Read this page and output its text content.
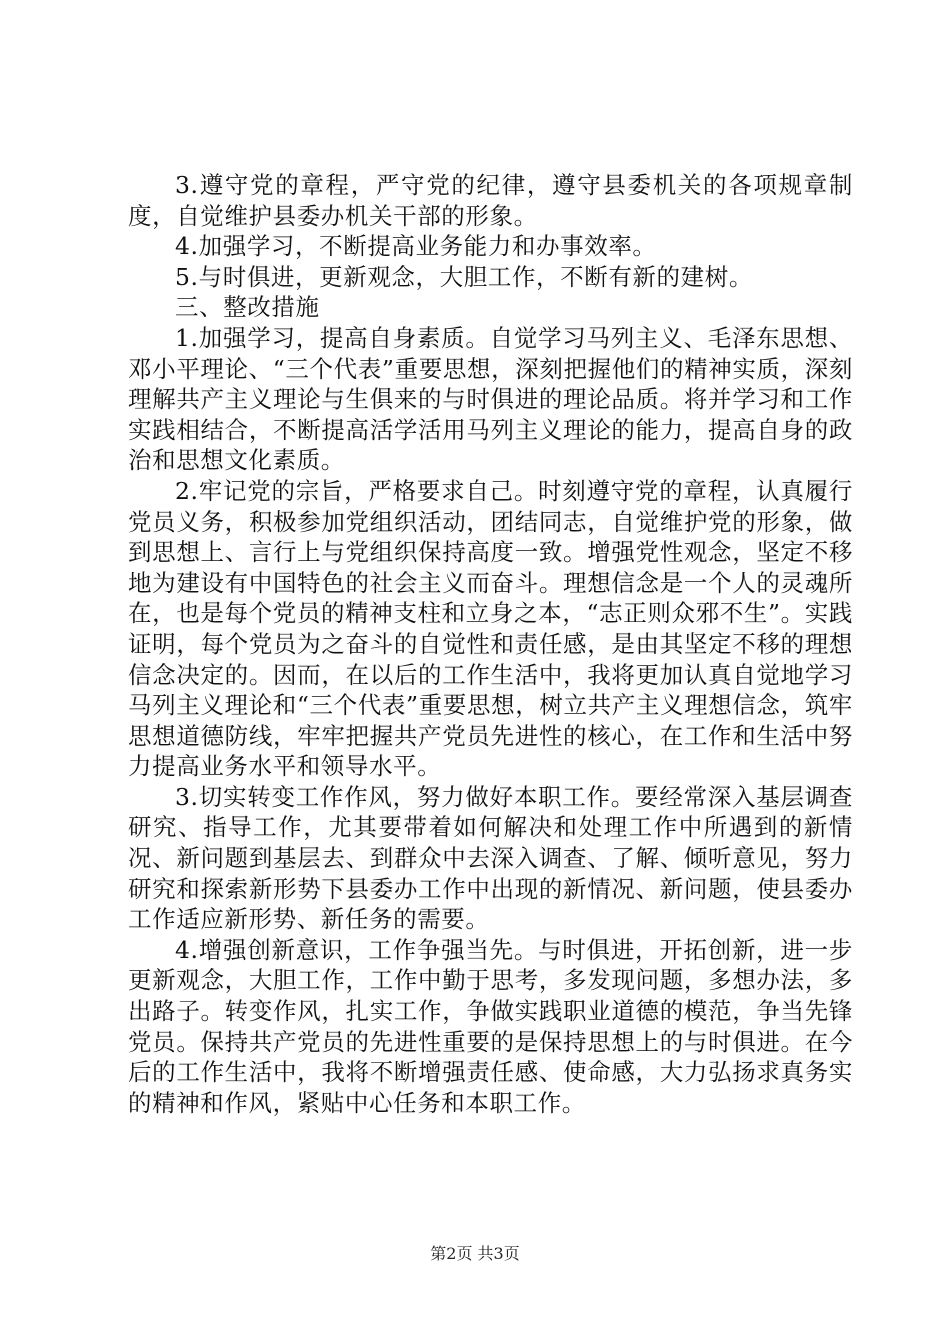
3.遵守党的章程，严守党的纪律，遵守县委机关的各项规章制度，自觉维护县委办机关干部的形象。

4.加强学习，不断提高业务能力和办事效率。

5.与时俱进，更新观念，大胆工作，不断有新的建树。

三、整改措施

1.加强学习，提高自身素质。自觉学习马列主义、毛泽东思想、邓小平理论、“三个代表”重要思想，深刻把握他们的精神实质，深刻理解共产主义理论与生俱来的与时俱进的理论品质。将并学习和工作实践相结合，不断提高活学活用马列主义理论的能力，提高自身的政治和思想文化素质。

2.牢记党的宗旨，严格要求自己。时刻遵守党的章程，认真履行党员义务，积极参加党组织活动，团结同志，自觉维护党的形象，做到思想上、言行上与党组织保持高度一致。增强党性观念，坚定不移地为建设有中国特色的社会主义而奋斗。理想信念是一个人的灵魂所在，也是每个党员的精神支柱和立身之本，“志正则众邪不生”。实践证明，每个党员为之奋斗的自觉性和责任感，是由其坚定不移的理想信念决定的。因而，在以后的工作生活中，我将更加认真自觉地学习马列主义理论和“三个代表”重要思想，树立共产主义理想信念，筑牢思想道德防线，牢牢把握共产党员先进性的核心，在工作和生活中努力提高业务水平和领导水平。

3.切实转变工作作风，努力做好本职工作。要经常深入基层调查研究、指导工作，尤其要带着如何解决和处理工作中所遇到的新情况、新问题到基层去、到群众中去深入调查、了解、倾听意见，努力研究和探索新形势下县委办工作中出现的新情况、新问题，使县委办工作适应新形势、新任务的需要。

4.增强创新意识，工作争强当先。与时俱进，开拓创新，进一步更新观念，大胆工作，工作中勤于思考，多发现问题，多想办法，多出路子。转变作风，扎实工作，争做实践职业道德的模范，争当先锋党员。保持共产党员的先进性重要的是保持思想上的与时俱进。在今后的工作生活中，我将不断增强责任感、使命感，大力弘扬求真务实的精神和作风，紧贴中心任务和本职工作。

第2页 共3页
